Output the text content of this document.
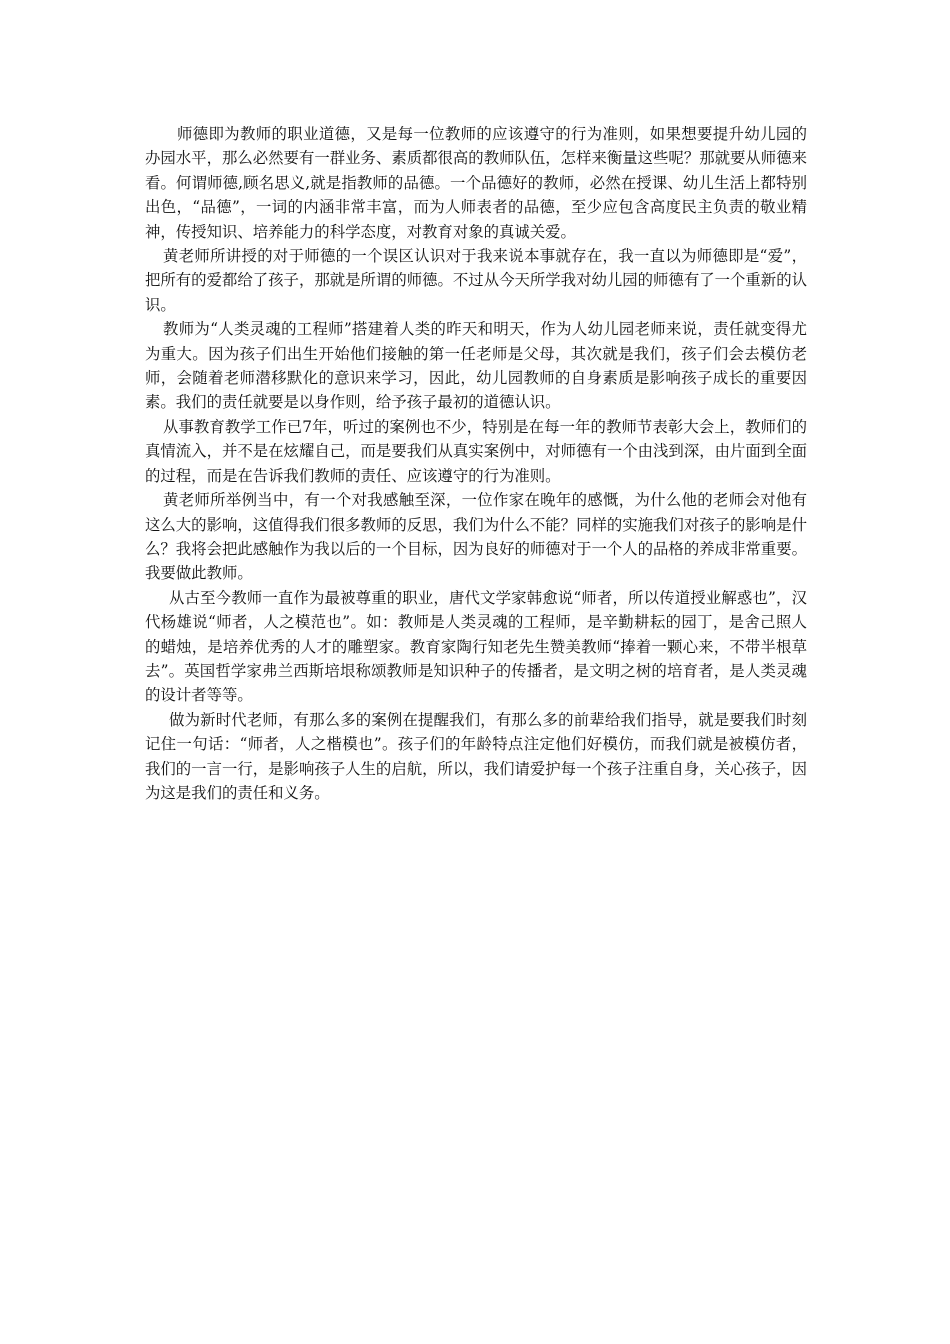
师德即为教师的职业道德，又是每一位教师的应该遵守的行为准则，如果想要提升幼儿园的办园水平，那么必然要有一群业务、素质都很高的教师队伍，怎样来衡量这些呢？那就要从师德来看。何谓师德,顾名思义,就是指教师的品德。一个品德好的教师，必然在授课、幼儿生活上都特别出色，“品德”，一词的内涵非常丰富，而为人师表者的品德，至少应包含高度民主负责的敬业精神，传授知识、培养能力的科学态度，对教育对象的真诚关爱。

黄老师所讲授的对于师德的一个误区认识对于我来说本事就存在，我一直以为师德即是“爱”，把所有的爱都给了孩子，那就是所谓的师德。不过从今天所学我对幼儿园的师德有了一个重新的认识。

教师为“人类灵魂的工程师”搭建着人类的昨天和明天，作为人幼儿园老师来说，责任就变得尤为重大。因为孩子们出生开始他们接触的第一任老师是父母，其次就是我们，孩子们会去模仿老师，会随着老师潜移默化的意识来学习，因此，幼儿园教师的自身素质是影响孩子成长的重要因素。我们的责任就要是以身作则，给予孩子最初的道德认识。

从事教育教学工作已7年，听过的案例也不少，特别是在每一年的教师节表彰大会上，教师们的真情流入，并不是在炫耀自己，而是要我们从真实案例中，对师德有一个由浅到深，由片面到全面的过程，而是在告诉我们教师的责任、应该遵守的行为准则。

黄老师所举例当中，有一个对我感触至深，一位作家在晚年的感慨，为什么他的老师会对他有这么大的影响，这值得我们很多教师的反思，我们为什么不能？同样的实施我们对孩子的影响是什么？我将会把此感触作为我以后的一个目标，因为良好的师德对于一个人的品格的养成非常重要。我要做此教师。

从古至今教师一直作为最被尊重的职业，唐代文学家韩愈说“师者，所以传道授业解惑也”，汉代杨雄说“师者，人之模范也”。如：教师是人类灵魂的工程师，是辛勤耕耘的园丁，是舍己照人的蜡烛，是培养优秀的人才的雕塑家。教育家陶行知老先生赞美教师“捧着一颗心来，不带半根草去”。英国哲学家弗兰西斯培垠称颂教师是知识种子的传播者，是文明之树的培育者，是人类灵魂的设计者等等。

做为新时代老师，有那么多的案例在提醒我们，有那么多的前辈给我们指导，就是要我们时刻记住一句话：“师者，人之楷模也”。孩子们的年龄特点注定他们好模仿，而我们就是被模仿者，我们的一言一行，是影响孩子人生的启航，所以，我们请爱护每一个孩子注重自身，关心孩子，因为这是我们的责任和义务。
